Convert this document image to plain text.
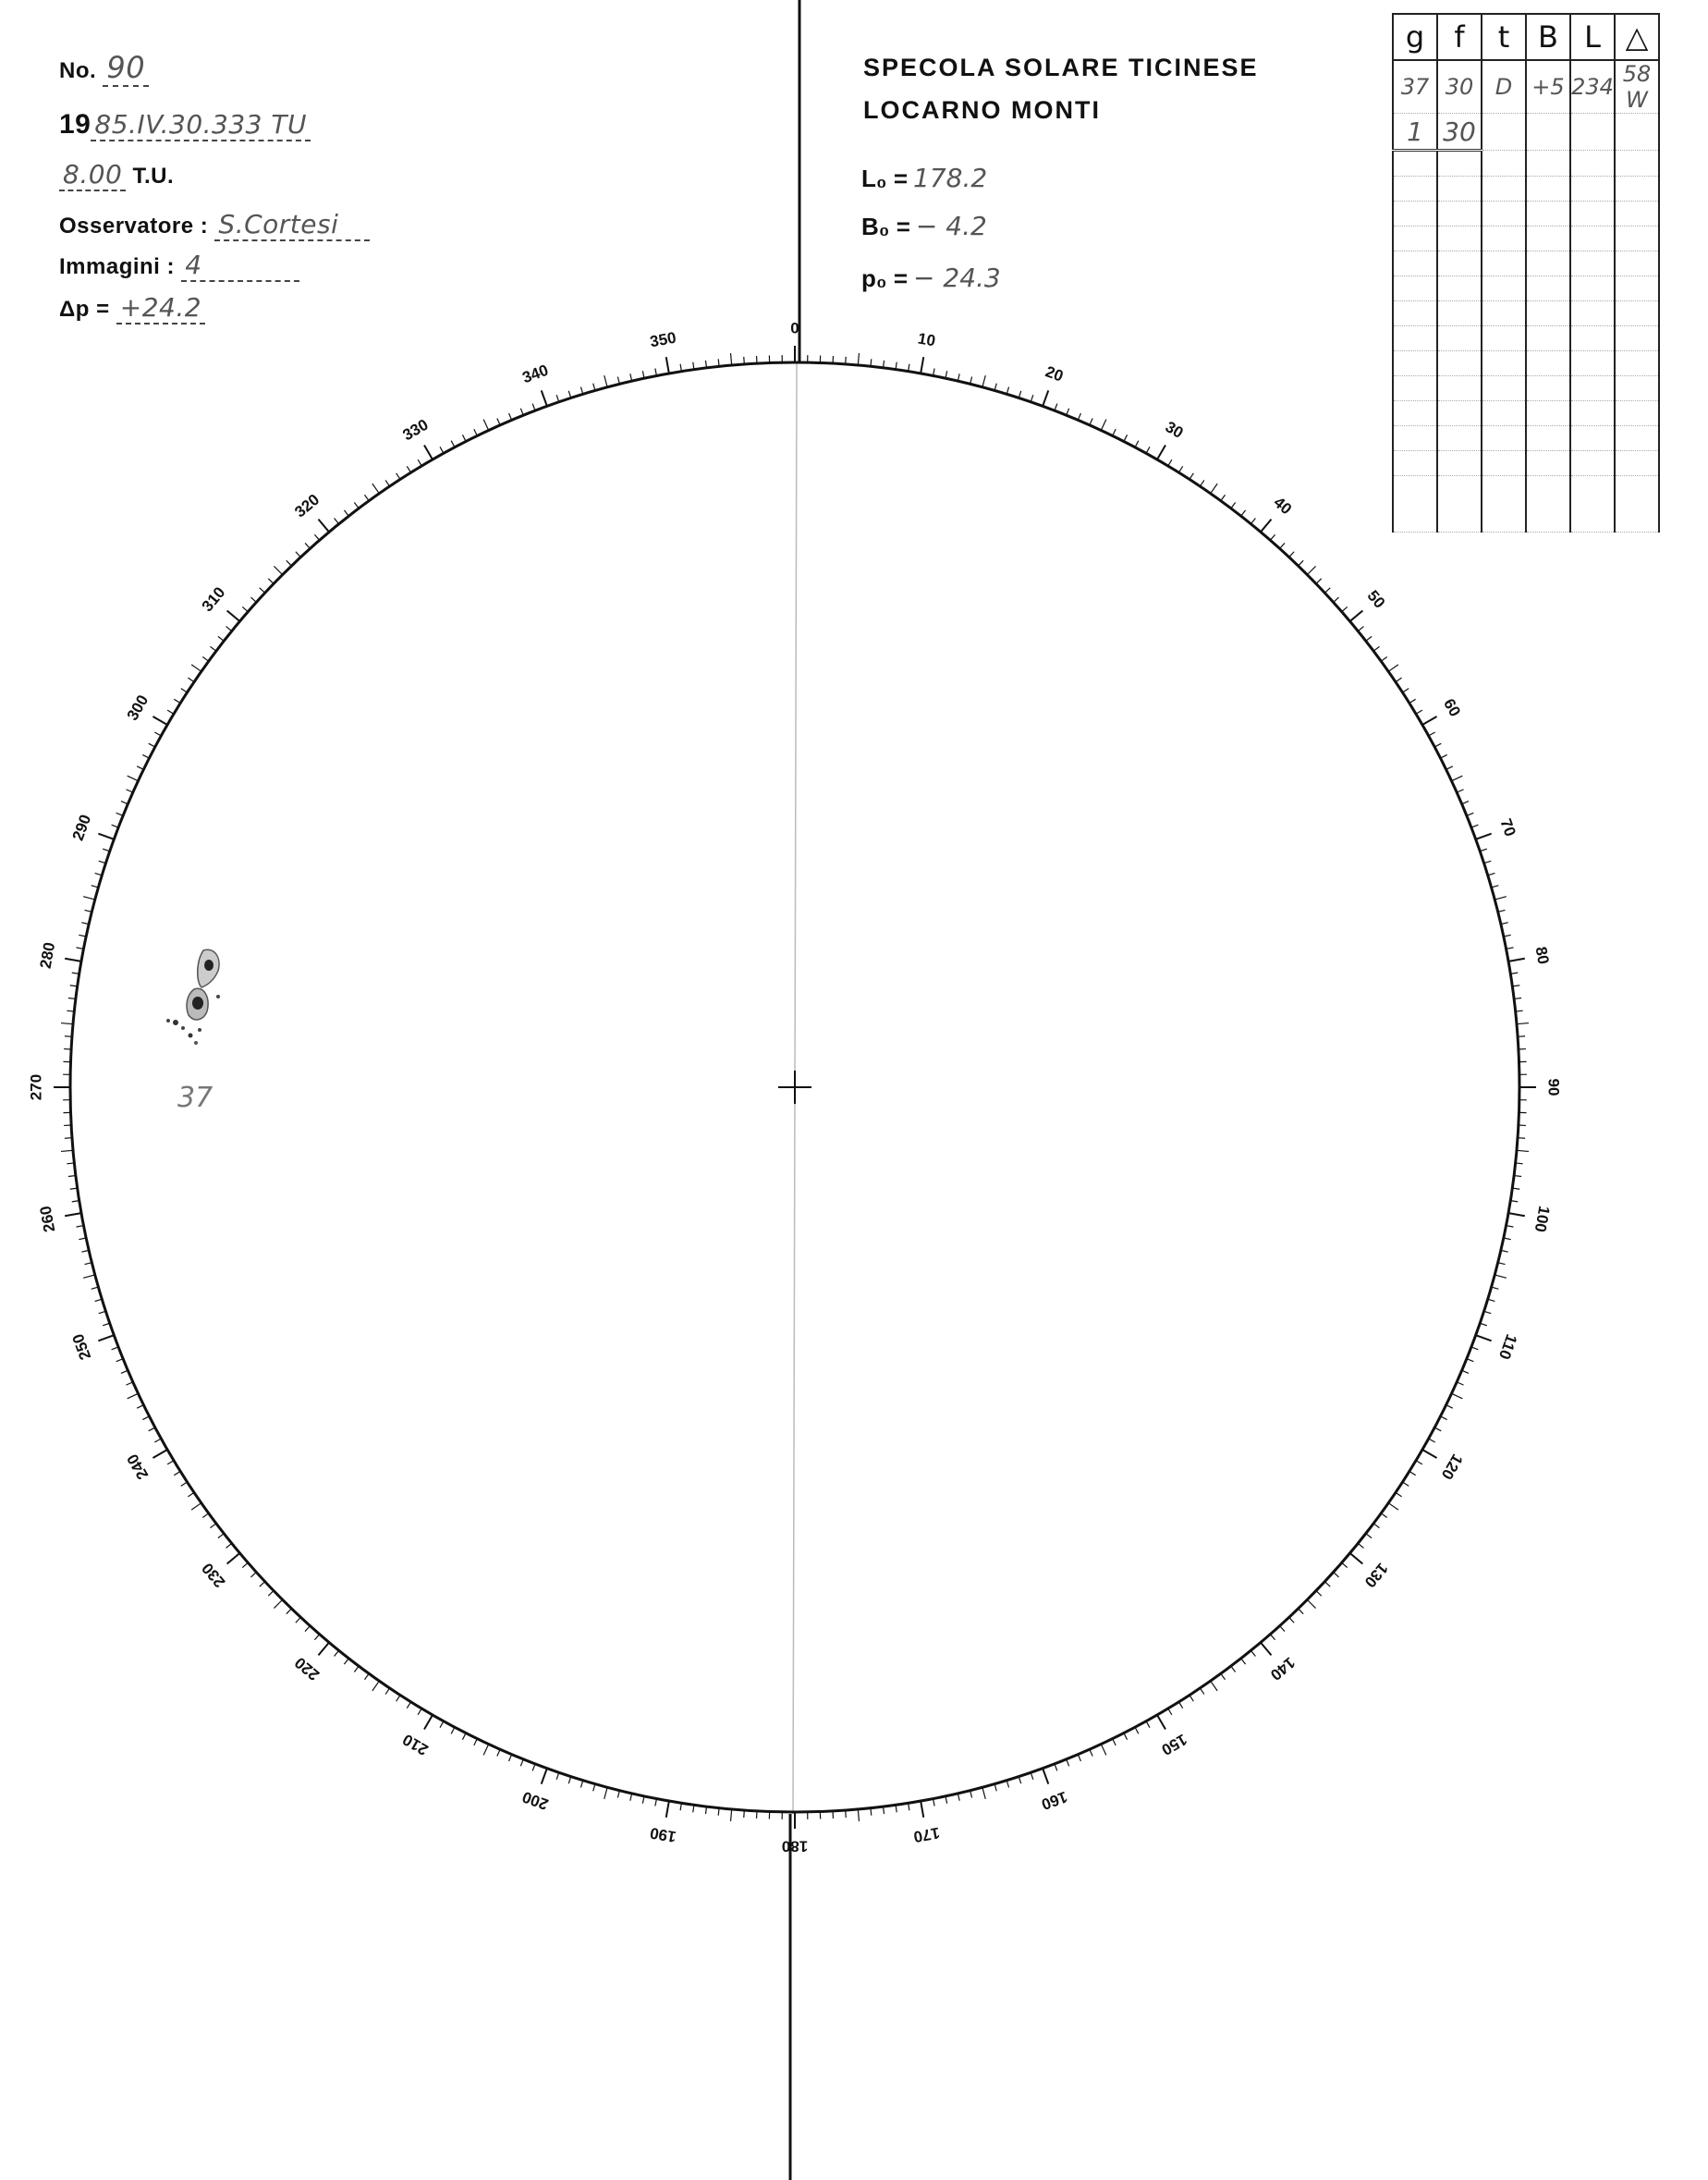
No. 90
19 85.IV.30.333 TU
8.00 T.U.
Osservatore : S.Cortesi
Immagini : 4
Δp = +24.2
SPECOLA SOLARE TICINESE
LOCARNO MONTI
L₀ = 178.2
B₀ = − 4.2
p₀ = − 24.3
g	f	t	B	L	△
37	30	D	+5	234	58 W
1	30				

0
10
20
30
40
50
60
70
80
90
100
110
120
130
140
150
160
170
180
190
200
210
220
230
240
250
260
270
280
290
300
310
320
330
340
350
37
